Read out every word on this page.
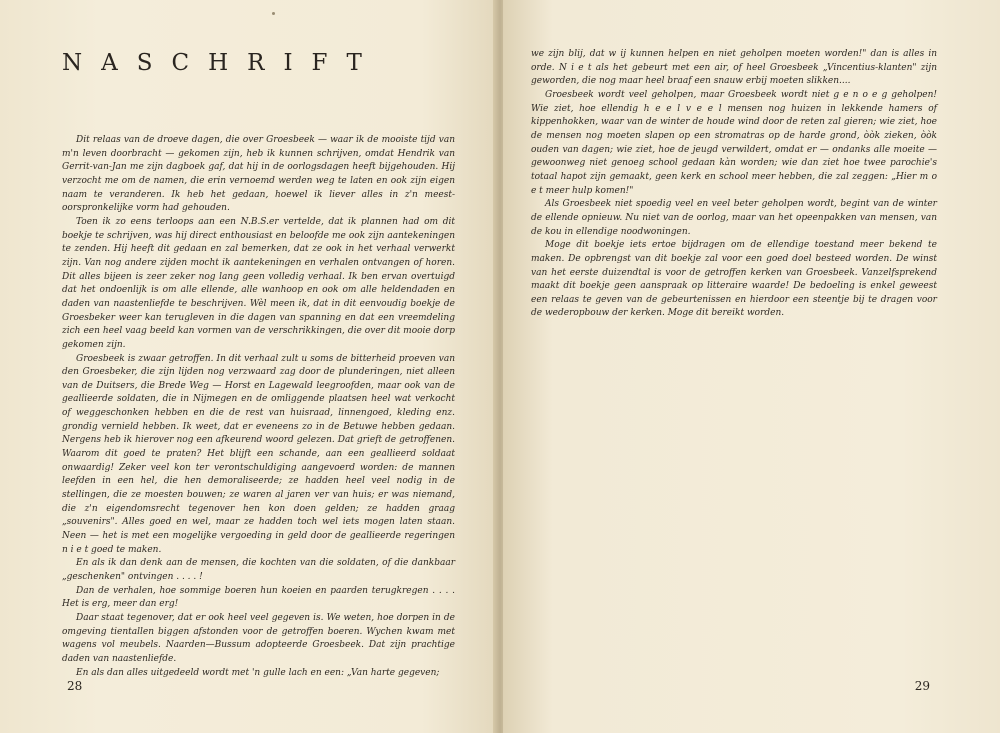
NASCHRIFT

Dit relaas van de droeve dagen, die over Groesbeek — waar ik de mooiste tijd van m'n leven doorbracht — gekomen zijn, heb ik kunnen schrijven, omdat Hendrik van Gerrit-van-Jan me zijn dagboek gaf, dat hij in de oorlogsdagen heeft bijgehouden. Hij verzocht me om de namen, die erin vernoemd werden weg te laten en ook zijn eigen naam te veranderen. Ik heb het gedaan, hoewel ik liever alles in z'n meest-oorspronkelijke vorm had gehouden.

Toen ik zo eens terloops aan een N.B.S.er vertelde, dat ik plannen had om dit boekje te schrijven, was hij direct enthousiast en beloofde me ook zijn aantekeningen te zenden. Hij heeft dit gedaan en zal bemerken, dat ze ook in het verhaal verwerkt zijn. Van nog andere zijden mocht ik aantekeningen en verhalen ontvangen of horen. Dit alles bijeen is zeer zeker nog lang geen volledig verhaal. Ik ben ervan overtuigd dat het ondoenlijk is om alle ellende, alle wanhoop en ook om alle heldendaden en daden van naastenliefde te beschrijven. Wèl meen ik, dat in dit eenvoudig boekje de Groesbeker weer kan terugleven in die dagen van spanning en dat een vreemdeling zich een heel vaag beeld kan vormen van de verschrikkingen, die over dit mooie dorp gekomen zijn.

Groesbeek is zwaar getroffen. In dit verhaal zult u soms de bitterheid proeven van den Groesbeker, die zijn lijden nog verzwaard zag door de plunderingen, niet alleen van de Duitsers, die Brede Weg — Horst en Lagewald leegroofden, maar ook van de geallieerde soldaten, die in Nijmegen en de omliggende plaatsen heel wat verkocht of weggeschonken hebben en die de rest van huisraad, linnengoed, kleding enz. grondig vernield hebben. Ik weet, dat er eveneens zo in de Betuwe hebben gedaan. Nergens heb ik hierover nog een afkeurend woord gelezen. Dat grieft de getroffenen. Waarom dit goed te praten? Het blijft een schande, aan een geallieerd soldaat onwaardig! Zeker veel kon ter verontschuldiging aangevoerd worden: de mannen leefden in een hel, die hen demoraliseerde; ze hadden heel veel nodig in de stellingen, die ze moesten bouwen; ze waren al jaren ver van huis; er was niemand, die z'n eigendomsrecht tegenover hen kon doen gelden; ze hadden graag „souvenirs". Alles goed en wel, maar ze hadden toch wel iets mogen laten staan. Neen — het is met een mogelijke vergoeding in geld door de geallieerde regeringen n i e t goed te maken.

En als ik dan denk aan de mensen, die kochten van die soldaten, of die dankbaar „geschenken" ontvingen . . . . !

Dan de verhalen, hoe sommige boeren hun koeien en paarden terugkregen . . . . Het is erg, meer dan erg!

Daar staat tegenover, dat er ook heel veel gegeven is. We weten, hoe dorpen in de omgeving tientallen biggen afstonden voor de getroffen boeren. Wychen kwam met wagens vol meubels. Naarden—Bussum adopteerde Groesbeek. Dat zijn prachtige daden van naastenliefde.

En als dan alles uitgedeeld wordt met 'n gulle lach en een: „Van harte gegeven;

28

we zijn blij, dat w ij kunnen helpen en niet geholpen moeten worden!" dan is alles in orde. N i e t als het gebeurt met een air, of heel Groesbeek „Vincentius-klanten" zijn geworden, die nog maar heel braaf een snauw erbij moeten slikken....

Groesbeek wordt veel geholpen, maar Groesbeek wordt niet g e n o e g geholpen! Wie ziet, hoe ellendig h e e l v e e l mensen nog huizen in lekkende hamers of kippenhokken, waar van de winter de houde wind door de reten zal gieren; wie ziet, hoe de mensen nog moeten slapen op een stromatras op de harde grond, òòk zieken, òòk ouden van dagen; wie ziet, hoe de jeugd verwildert, omdat er — ondanks alle moeite — gewoonweg niet genoeg school gedaan kàn worden; wie dan ziet hoe twee parochie's totaal hapot zijn gemaakt, geen kerk en school meer hebben, die zal zeggen: „Hier m o e t meer hulp komen!"

Als Groesbeek niet spoedig veel en veel beter geholpen wordt, begint van de winter de ellende opnieuw. Nu niet van de oorlog, maar van het opeenpakken van mensen, van de kou in ellendige noodwoningen.

Moge dit boekje iets ertoe bijdragen om de ellendige toestand meer bekend te maken. De opbrengst van dit boekje zal voor een goed doel besteed worden. De winst van het eerste duizendtal is voor de getroffen kerken van Groesbeek. Vanzelfsprekend maakt dit boekje geen aanspraak op litteraire waarde! De bedoeling is enkel geweest een relaas te geven van de gebeurtenissen en hierdoor een steentje bij te dragen voor de wederopbouw der kerken. Moge dit bereikt worden.

29
